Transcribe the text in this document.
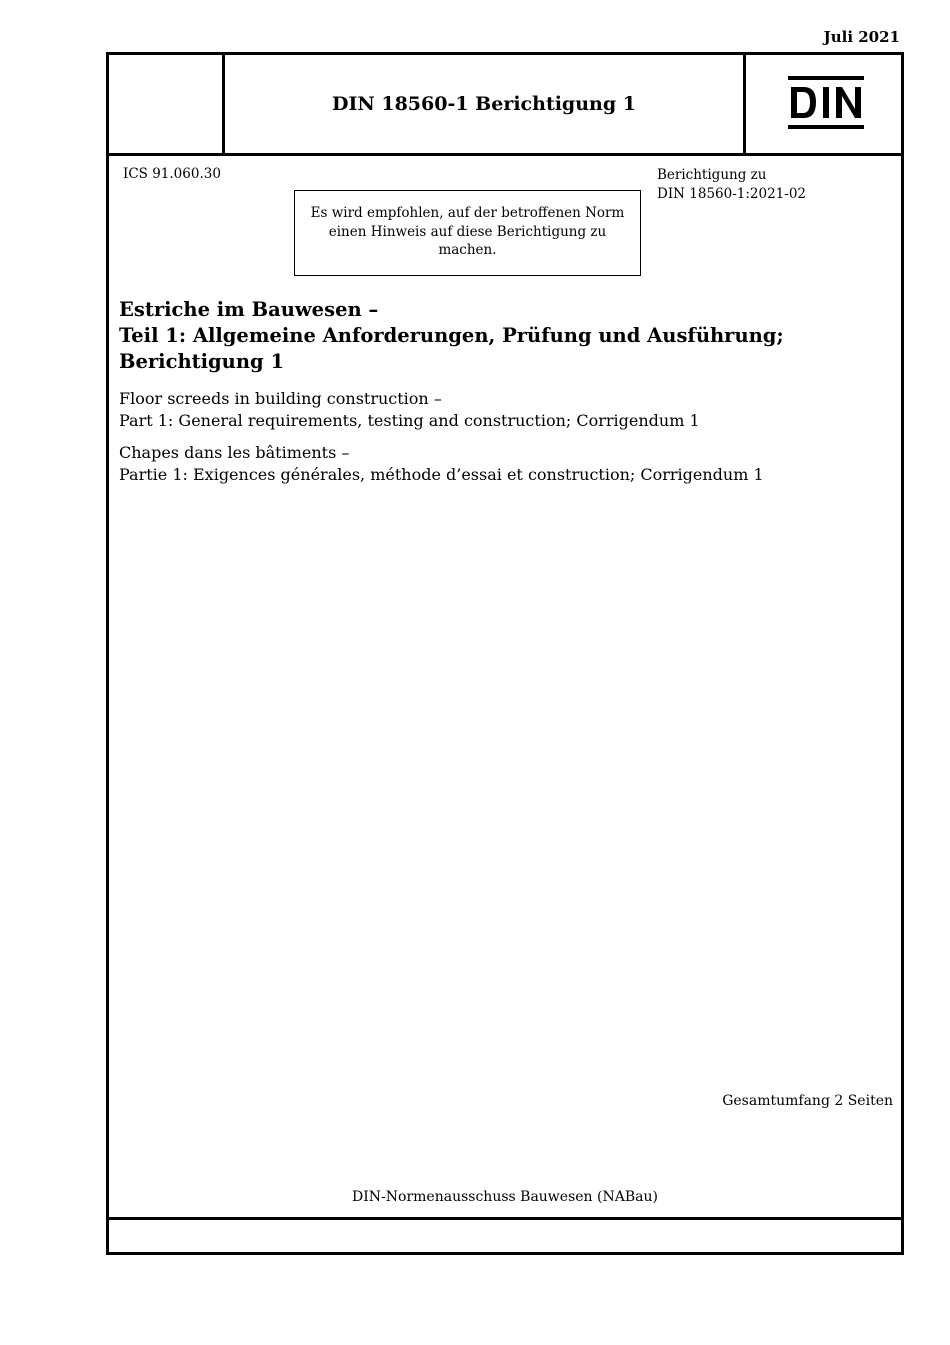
Juli 2021
DIN 18560-1 Berichtigung 1
ICS 91.060.30	Berichtigung zu
DIN 18560-1:2021-02
Es wird empfohlen, auf der betroffenen Norm einen Hinweis auf diese Berichtigung zu machen.
Estriche im Bauwesen –
Teil 1: Allgemeine Anforderungen, Prüfung und Ausführung;
Berichtigung 1
Floor screeds in building construction –
Part 1: General requirements, testing and construction; Corrigendum 1
Chapes dans les bâtiments –
Partie 1: Exigences générales, méthode d’essai et construction; Corrigendum 1
Gesamtumfang 2 Seiten
DIN-Normenausschuss Bauwesen (NABau)
